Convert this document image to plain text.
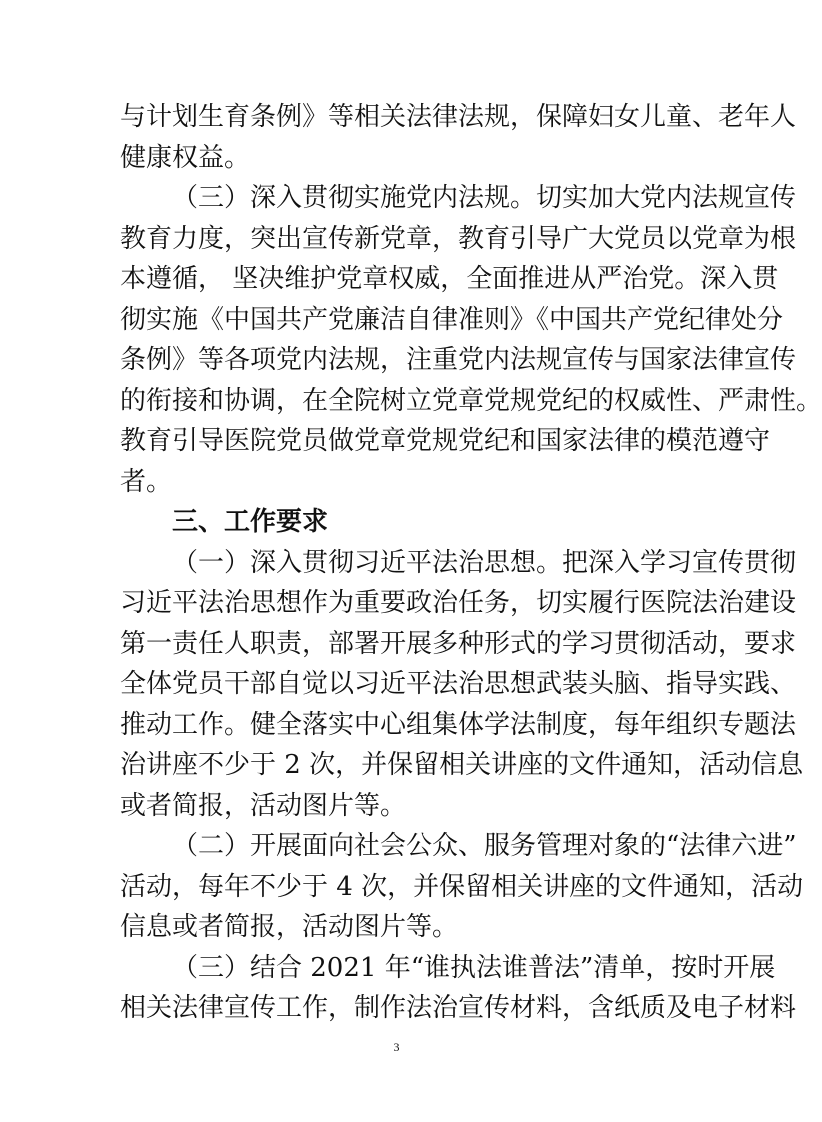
与计划生育条例》等相关法律法规，保障妇女儿童、老年人
健康权益。
（三）深入贯彻实施党内法规。切实加大党内法规宣传
教育力度，突出宣传新党章，教育引导广大党员以党章为根
本遵循， 坚决维护党章权威，全面推进从严治党。深入贯
彻实施《中国共产党廉洁自律准则》《中国共产党纪律处分
条例》等各项党内法规，注重党内法规宣传与国家法律宣传
的衔接和协调，在全院树立党章党规党纪的权威性、严肃性。
教育引导医院党员做党章党规党纪和国家法律的模范遵守
者。
三、工作要求
（一）深入贯彻习近平法治思想。把深入学习宣传贯彻
习近平法治思想作为重要政治任务，切实履行医院法治建设
第一责任人职责，部署开展多种形式的学习贯彻活动，要求
全体党员干部自觉以习近平法治思想武装头脑、指导实践、
推动工作。健全落实中心组集体学法制度，每年组织专题法
治讲座不少于 2 次，并保留相关讲座的文件通知，活动信息
或者简报，活动图片等。
（二）开展面向社会公众、服务管理对象的“法律六进”
活动，每年不少于 4 次，并保留相关讲座的文件通知，活动
信息或者简报，活动图片等。
（三）结合 2021 年“谁执法谁普法”清单，按时开展
相关法律宣传工作，制作法治宣传材料，含纸质及电子材料
3
